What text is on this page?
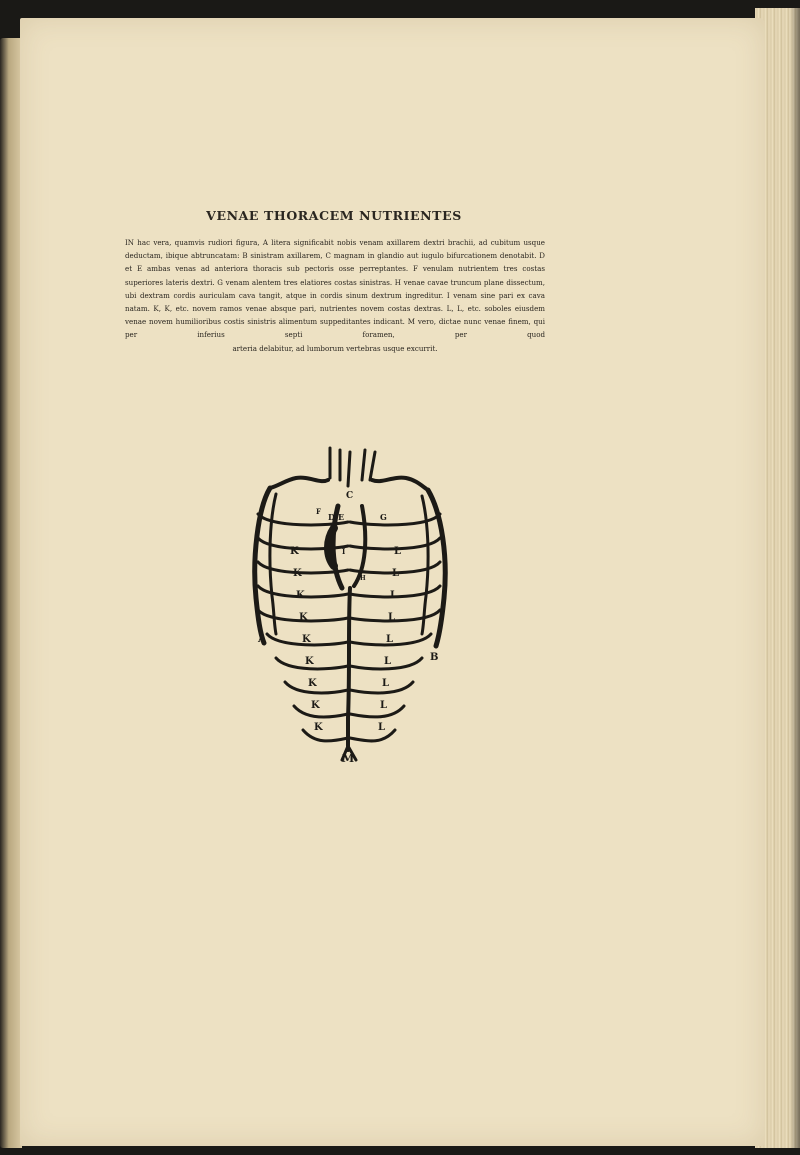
VENAE THORACEM NUTRIENTES

IN hac vera, quamvis rudiori figura, A litera significabit nobis venam axillarem dextri brachii, ad cubitum usque deductam, ibique abtruncatam: B sinistram axillarem, C magnam in glandio aut iugulo bifurcationem denotabit. D et E ambas venas ad anteriora thoracis sub pectoris osse perreptantes. F venulam nutrientem tres costas superiores lateris dextri. G venam alentem tres elatiores costas sinistras. H venae cavae truncum plane dissectum, ubi dextram cordis auriculam cava tangit, atque in cordis sinum dextrum ingreditur. I venam sine pari ex cava natam. K, K, etc. novem ramos venae absque pari, nutrientes novem costas dextras. L, L, etc. soboles eiusdem venae novem humilioribus costis sinistris alimentum suppeditantes indicant. M vero, dictae nunc venae finem, qui per inferius septi foramen, per quod

arteria delabitur, ad lumborum vertebras usque excurrit.

C
F
D E	G
I
H
A
B
M
K	L
K	L
K	L
K	L
K	L
K	L
K	L
K	L
K	L
